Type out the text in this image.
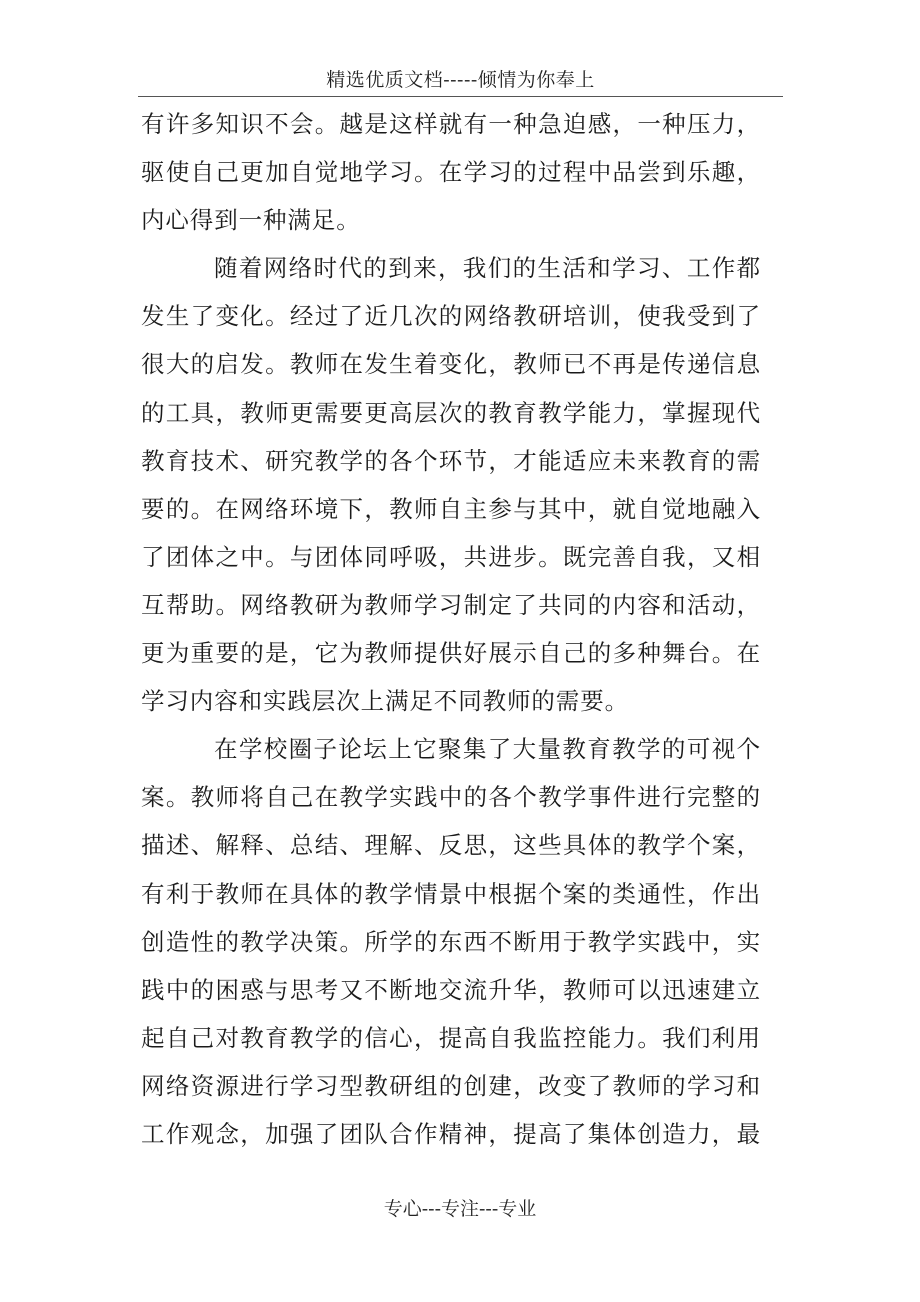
精选优质文档-----倾情为你奉上
有许多知识不会。越是这样就有一种急迫感，一种压力，
驱使自己更加自觉地学习。在学习的过程中品尝到乐趣，
内心得到一种满足。
随着网络时代的到来，我们的生活和学习、工作都
发生了变化。经过了近几次的网络教研培训，使我受到了
很大的启发。教师在发生着变化，教师已不再是传递信息
的工具，教师更需要更高层次的教育教学能力，掌握现代
教育技术、研究教学的各个环节，才能适应未来教育的需
要的。在网络环境下，教师自主参与其中，就自觉地融入
了团体之中。与团体同呼吸，共进步。既完善自我，又相
互帮助。网络教研为教师学习制定了共同的内容和活动，
更为重要的是，它为教师提供好展示自己的多种舞台。在
学习内容和实践层次上满足不同教师的需要。
在学校圈子论坛上它聚集了大量教育教学的可视个
案。教师将自己在教学实践中的各个教学事件进行完整的
描述、解释、总结、理解、反思，这些具体的教学个案，
有利于教师在具体的教学情景中根据个案的类通性，作出
创造性的教学决策。所学的东西不断用于教学实践中，实
践中的困惑与思考又不断地交流升华，教师可以迅速建立
起自己对教育教学的信心，提高自我监控能力。我们利用
网络资源进行学习型教研组的创建，改变了教师的学习和
工作观念，加强了团队合作精神，提高了集体创造力，最
专心---专注---专业
